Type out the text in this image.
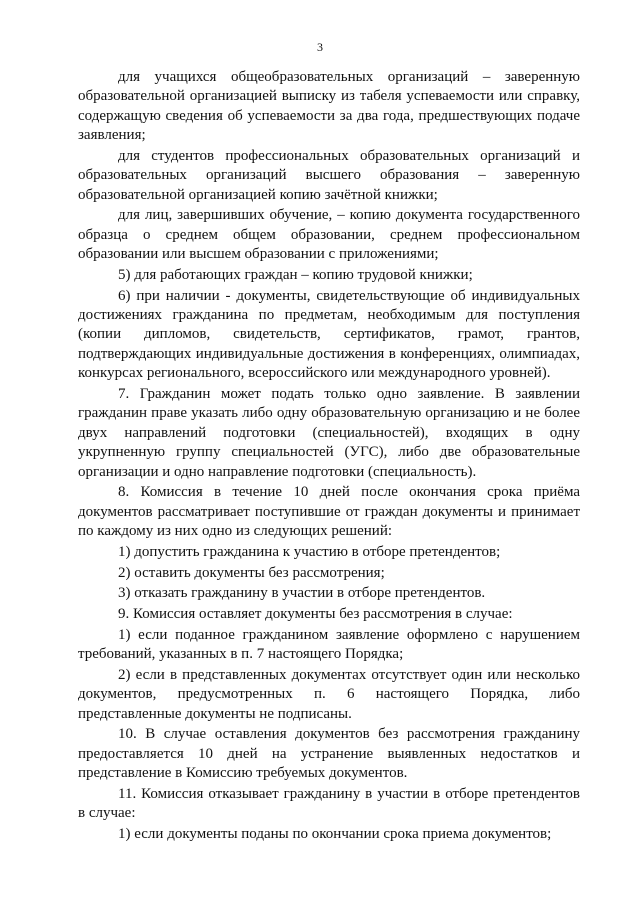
3

для учащихся общеобразовательных организаций – заверенную образовательной организацией выписку из табеля успеваемости или справку, содержащую сведения об успеваемости за два года, предшествующих подаче заявления;

для студентов профессиональных образовательных организаций и образовательных организаций высшего образования – заверенную образовательной организацией копию зачётной книжки;

для лиц, завершивших обучение, – копию документа государственного образца о среднем общем образовании, среднем профессиональном образовании или высшем образовании с приложениями;

5) для работающих граждан – копию трудовой книжки;

6) при наличии - документы, свидетельствующие об индивидуальных достижениях гражданина по предметам, необходимым для поступления (копии дипломов, свидетельств, сертификатов, грамот, грантов, подтверждающих индивидуальные достижения в конференциях, олимпиадах, конкурсах регионального, всероссийского или международного уровней).

7. Гражданин может подать только одно заявление. В заявлении гражданин праве указать либо одну образовательную организацию и не более двух направлений подготовки (специальностей), входящих в одну укрупненную группу специальностей (УГС), либо две образовательные организации и одно направление подготовки (специальность).

8. Комиссия в течение 10 дней после окончания срока приёма документов рассматривает поступившие от граждан документы и принимает по каждому из них одно из следующих решений:

1) допустить гражданина к участию в отборе претендентов;

2) оставить документы без рассмотрения;

3) отказать гражданину в участии в отборе претендентов.

9. Комиссия оставляет документы без рассмотрения в случае:

1) если поданное гражданином заявление оформлено с нарушением требований, указанных в п. 7 настоящего Порядка;

2) если в представленных документах отсутствует один или несколько документов, предусмотренных п. 6 настоящего Порядка, либо представленные документы не подписаны.

10. В случае оставления документов без рассмотрения гражданину предоставляется 10 дней на устранение выявленных недостатков и представление в Комиссию требуемых документов.

11. Комиссия отказывает гражданину в участии в отборе претендентов в случае:

1) если документы поданы по окончании срока приема документов;
